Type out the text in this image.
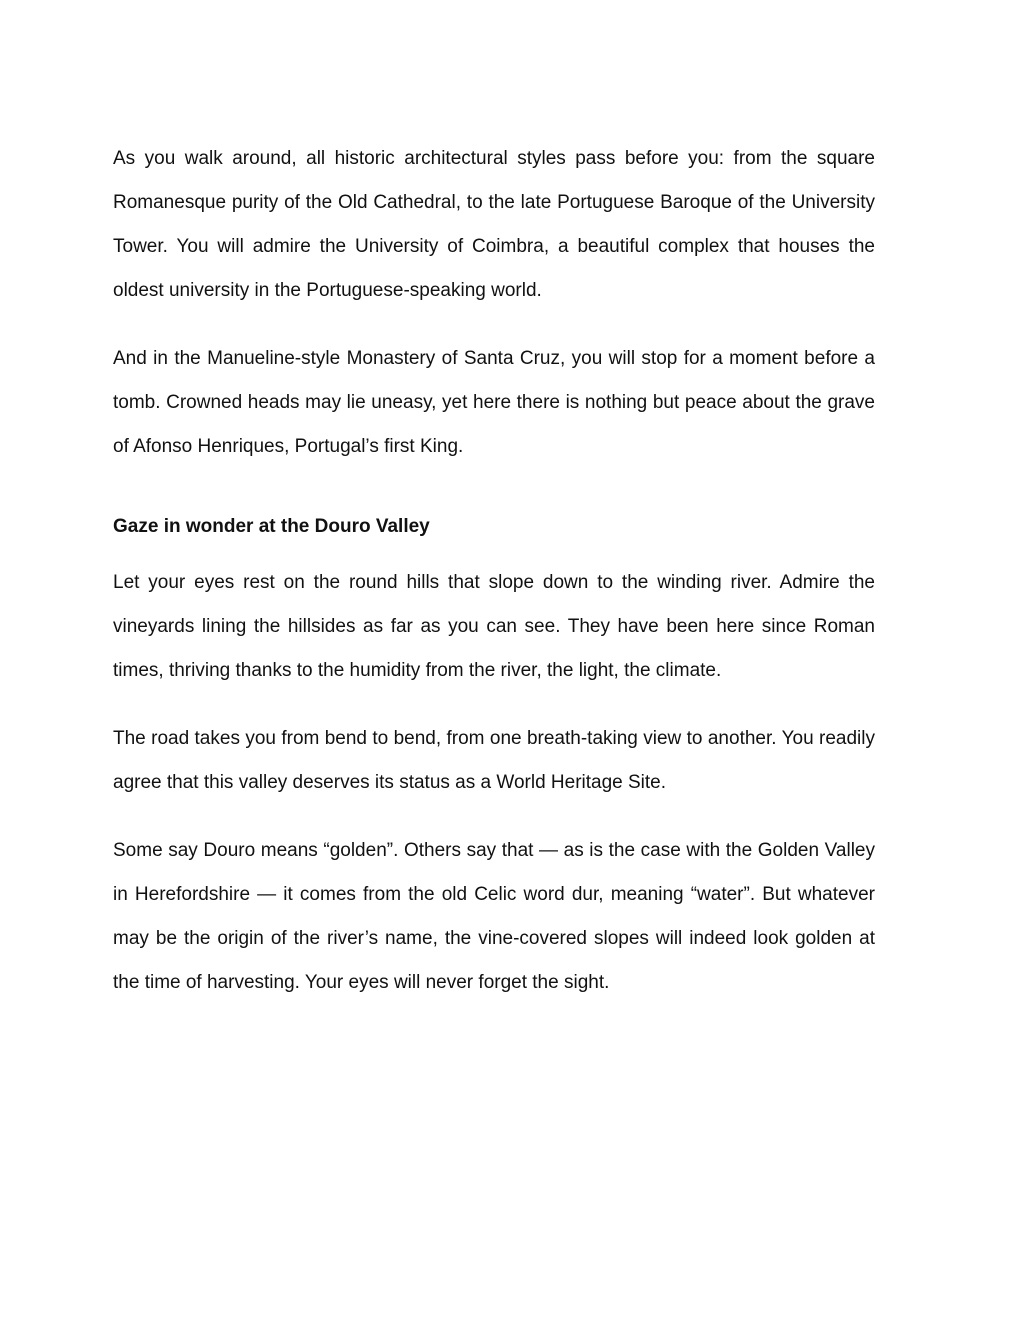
As you walk around, all historic architectural styles pass before you: from the square Romanesque purity of the Old Cathedral, to the late Portuguese Baroque of the University Tower. You will admire the University of Coimbra, a beautiful complex that houses the oldest university in the Portuguese-speaking world.

And in the Manueline-style Monastery of Santa Cruz, you will stop for a moment before a tomb. Crowned heads may lie uneasy, yet here there is nothing but peace about the grave of Afonso Henriques, Portugal’s first King.

Gaze in wonder at the Douro Valley

Let your eyes rest on the round hills that slope down to the winding river. Admire the vineyards lining the hillsides as far as you can see. They have been here since Roman times, thriving thanks to the humidity from the river, the light, the climate.

The road takes you from bend to bend, from one breath-taking view to another. You readily agree that this valley deserves its status as a World Heritage Site.

Some say Douro means “golden”. Others say that — as is the case with the Golden Valley in Herefordshire — it comes from the old Celic word dur, meaning “water”. But whatever may be the origin of the river’s name, the vine-covered slopes will indeed look golden at the time of harvesting. Your eyes will never forget the sight.
